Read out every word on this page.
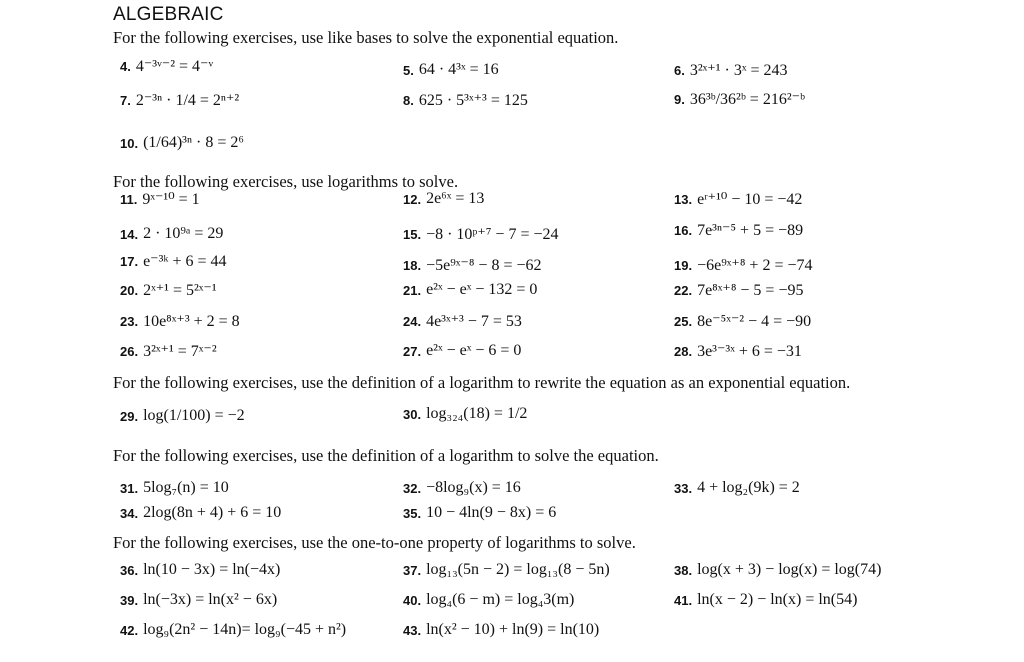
ALGEBRAIC
For the following exercises, use like bases to solve the exponential equation.
4. 4⁻³ᵛ⁻² = 4⁻ᵛ	5. 64 · 4³ˣ = 16	6. 3²ˣ⁺¹ · 3ˣ = 243
7. 2⁻³ⁿ · 1/4 = 2ⁿ⁺²	8. 625 · 5³ˣ⁺³ = 125	9. 36³ᵇ/36²ᵇ = 216²⁻ᵇ
10. (1/64)³ⁿ · 8 = 2⁶
For the following exercises, use logarithms to solve.
11. 9ˣ⁻¹⁰ = 1	12. 2e⁶ˣ = 13	13. eʳ⁺¹⁰ − 10 = −42
14. 2 · 10⁹ᵃ = 29	15. −8 · 10ᵖ⁺⁷ − 7 = −24	16. 7e³ⁿ⁻⁵ + 5 = −89
17. e⁻³ᵏ + 6 = 44	18. −5e⁹ˣ⁻⁸ − 8 = −62	19. −6e⁹ˣ⁺⁸ + 2 = −74
20. 2ˣ⁺¹ = 5²ˣ⁻¹	21. e²ˣ − eˣ − 132 = 0	22. 7e⁸ˣ⁺⁸ − 5 = −95
23. 10e⁸ˣ⁺³ + 2 = 8	24. 4e³ˣ⁺³ − 7 = 53	25. 8e⁻⁵ˣ⁻² − 4 = −90
26. 3²ˣ⁺¹ = 7ˣ⁻²	27. e²ˣ − eˣ − 6 = 0	28. 3e³⁻³ˣ + 6 = −31
For the following exercises, use the definition of a logarithm to rewrite the equation as an exponential equation.
29. log(1/100) = −2	30. log₃₂₄(18) = 1/2
For the following exercises, use the definition of a logarithm to solve the equation.
31. 5log₇(n) = 10	32. −8log₉(x) = 16	33. 4 + log₂(9k) = 2
34. 2log(8n + 4) + 6 = 10	35. 10 − 4ln(9 − 8x) = 6
For the following exercises, use the one-to-one property of logarithms to solve.
36. ln(10 − 3x) = ln(−4x)	37. log₁₃(5n − 2) = log₁₃(8 − 5n)	38. log(x + 3) − log(x) = log(74)
39. ln(−3x) = ln(x² − 6x)	40. log₄(6 − m) = log₄3(m)	41. ln(x − 2) − ln(x) = ln(54)
42. log₉(2n² − 14n)= log₉(−45 + n²)	43. ln(x² − 10) + ln(9) = ln(10)
